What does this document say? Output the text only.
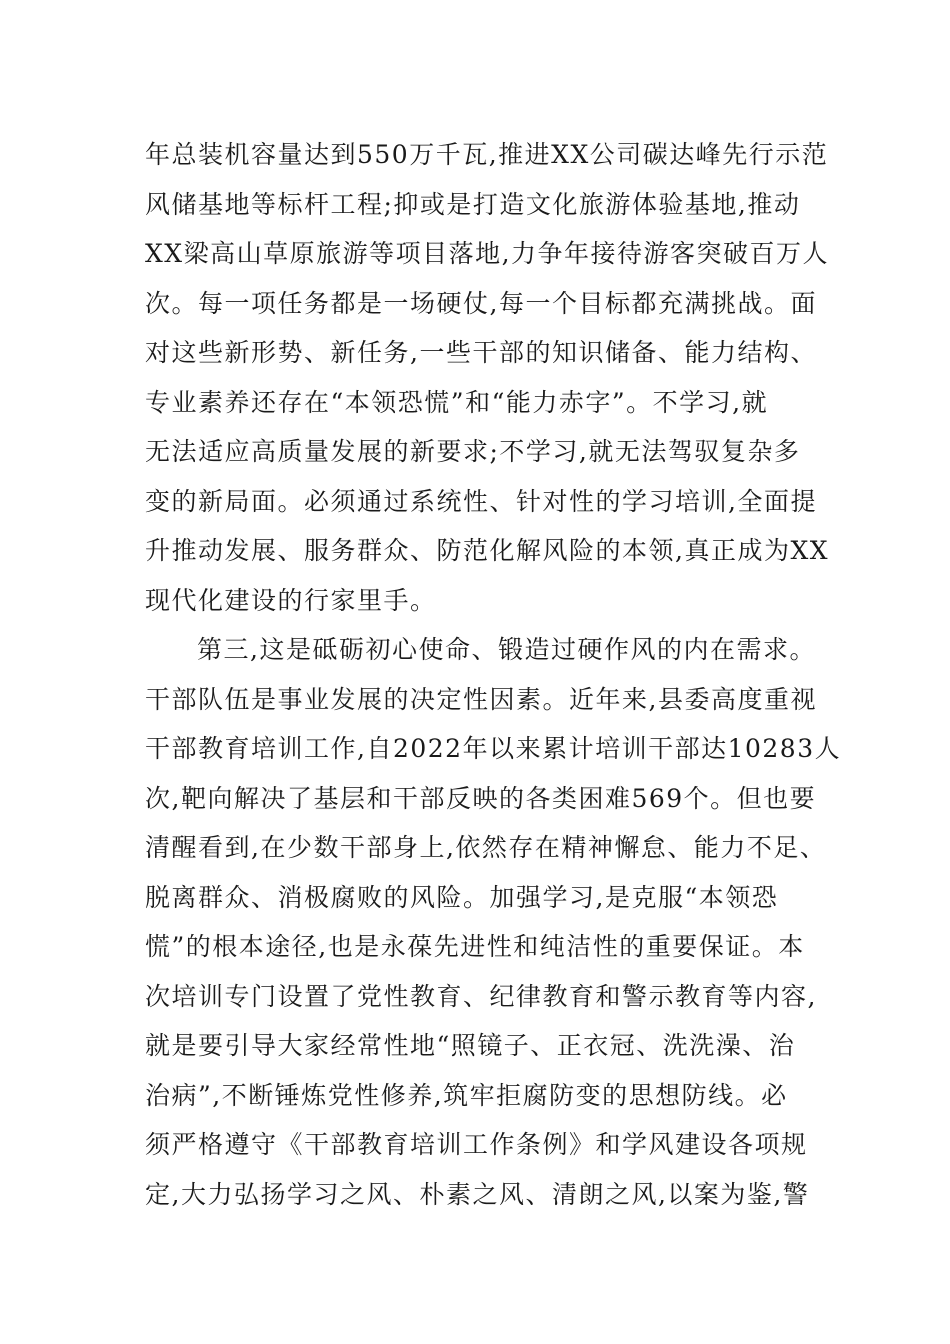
年总装机容量达到550万千瓦,推进XX公司碳达峰先行示范
风储基地等标杆工程;抑或是打造文化旅游体验基地,推动
XX梁高山草原旅游等项目落地,力争年接待游客突破百万人
次。每一项任务都是一场硬仗,每一个目标都充满挑战。面
对这些新形势、新任务,一些干部的知识储备、能力结构、
专业素养还存在“本领恐慌”和“能力赤字”。不学习,就
无法适应高质量发展的新要求;不学习,就无法驾驭复杂多
变的新局面。必须通过系统性、针对性的学习培训,全面提
升推动发展、服务群众、防范化解风险的本领,真正成为XX
现代化建设的行家里手。
第三,这是砥砺初心使命、锻造过硬作风的内在需求。
干部队伍是事业发展的决定性因素。近年来,县委高度重视
干部教育培训工作,自2022年以来累计培训干部达10283人
次,靶向解决了基层和干部反映的各类困难569个。但也要
清醒看到,在少数干部身上,依然存在精神懈怠、能力不足、
脱离群众、消极腐败的风险。加强学习,是克服“本领恐
慌”的根本途径,也是永葆先进性和纯洁性的重要保证。本
次培训专门设置了党性教育、纪律教育和警示教育等内容,
就是要引导大家经常性地“照镜子、正衣冠、洗洗澡、治
治病”,不断锤炼党性修养,筑牢拒腐防变的思想防线。必
须严格遵守《干部教育培训工作条例》和学风建设各项规
定,大力弘扬学习之风、朴素之风、清朗之风,以案为鉴,警
